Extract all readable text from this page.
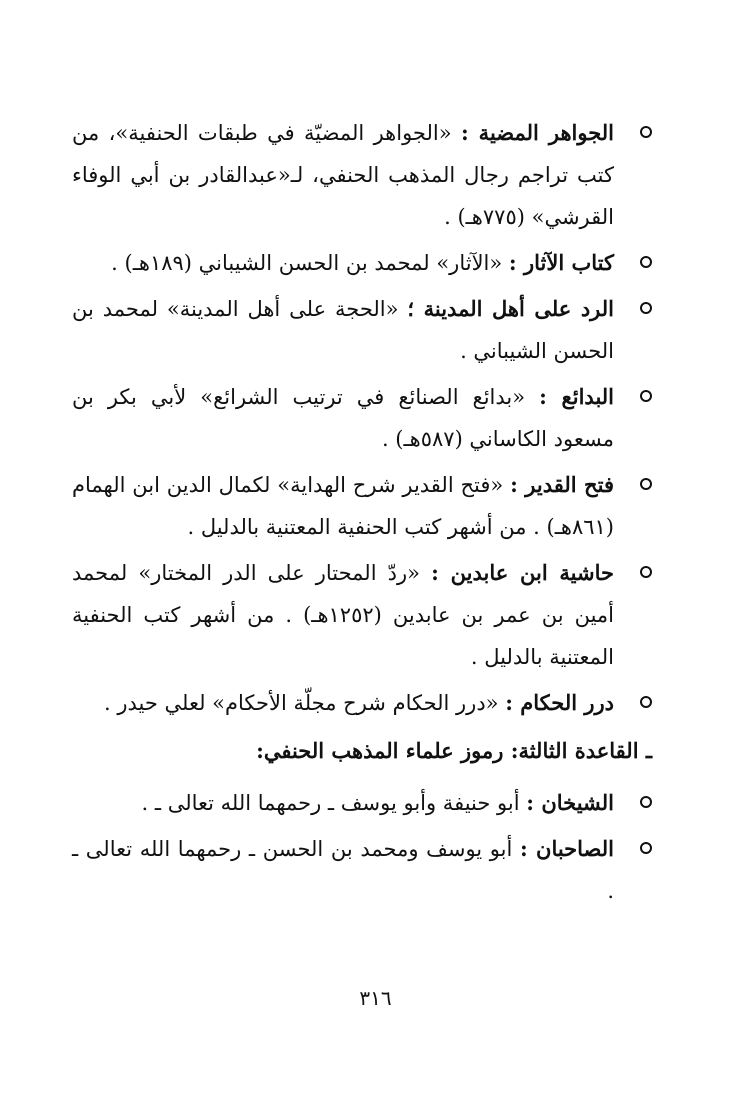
الجواهر المضية : «الجواهر المضيّة في طبقات الحنفية»، من كتب تراجم رجال المذهب الحنفي، لـ«عبدالقادر بن أبي الوفاء القرشي» (٧٧٥هـ) .
كتاب الآثار : «الآثار» لمحمد بن الحسن الشيباني (١٨٩هـ) .
الرد على أهل المدينة ؛ «الحجة على أهل المدينة» لمحمد بن الحسن الشيباني .
البدائع : «بدائع الصنائع في ترتيب الشرائع» لأبي بكر بن مسعود الكاساني (٥٨٧هـ) .
فتح القدير : «فتح القدير شرح الهداية» لكمال الدين ابن الهمام (٨٦١هـ) . من أشهر كتب الحنفية المعتنية بالدليل .
حاشية ابن عابدين : «ردّ المحتار على الدر المختار» لمحمد أمين بن عمر بن عابدين (١٢٥٢هـ) . من أشهر كتب الحنفية المعتنية بالدليل .
درر الحكام : «درر الحكام شرح مجلّة الأحكام» لعلي حيدر .
ـ القاعدة الثالثة: رموز علماء المذهب الحنفي:
الشيخان : أبو حنيفة وأبو يوسف ـ رحمهما الله تعالى ـ .
الصاحبان : أبو يوسف ومحمد بن الحسن ـ رحمهما الله تعالى ـ .
٣١٦
